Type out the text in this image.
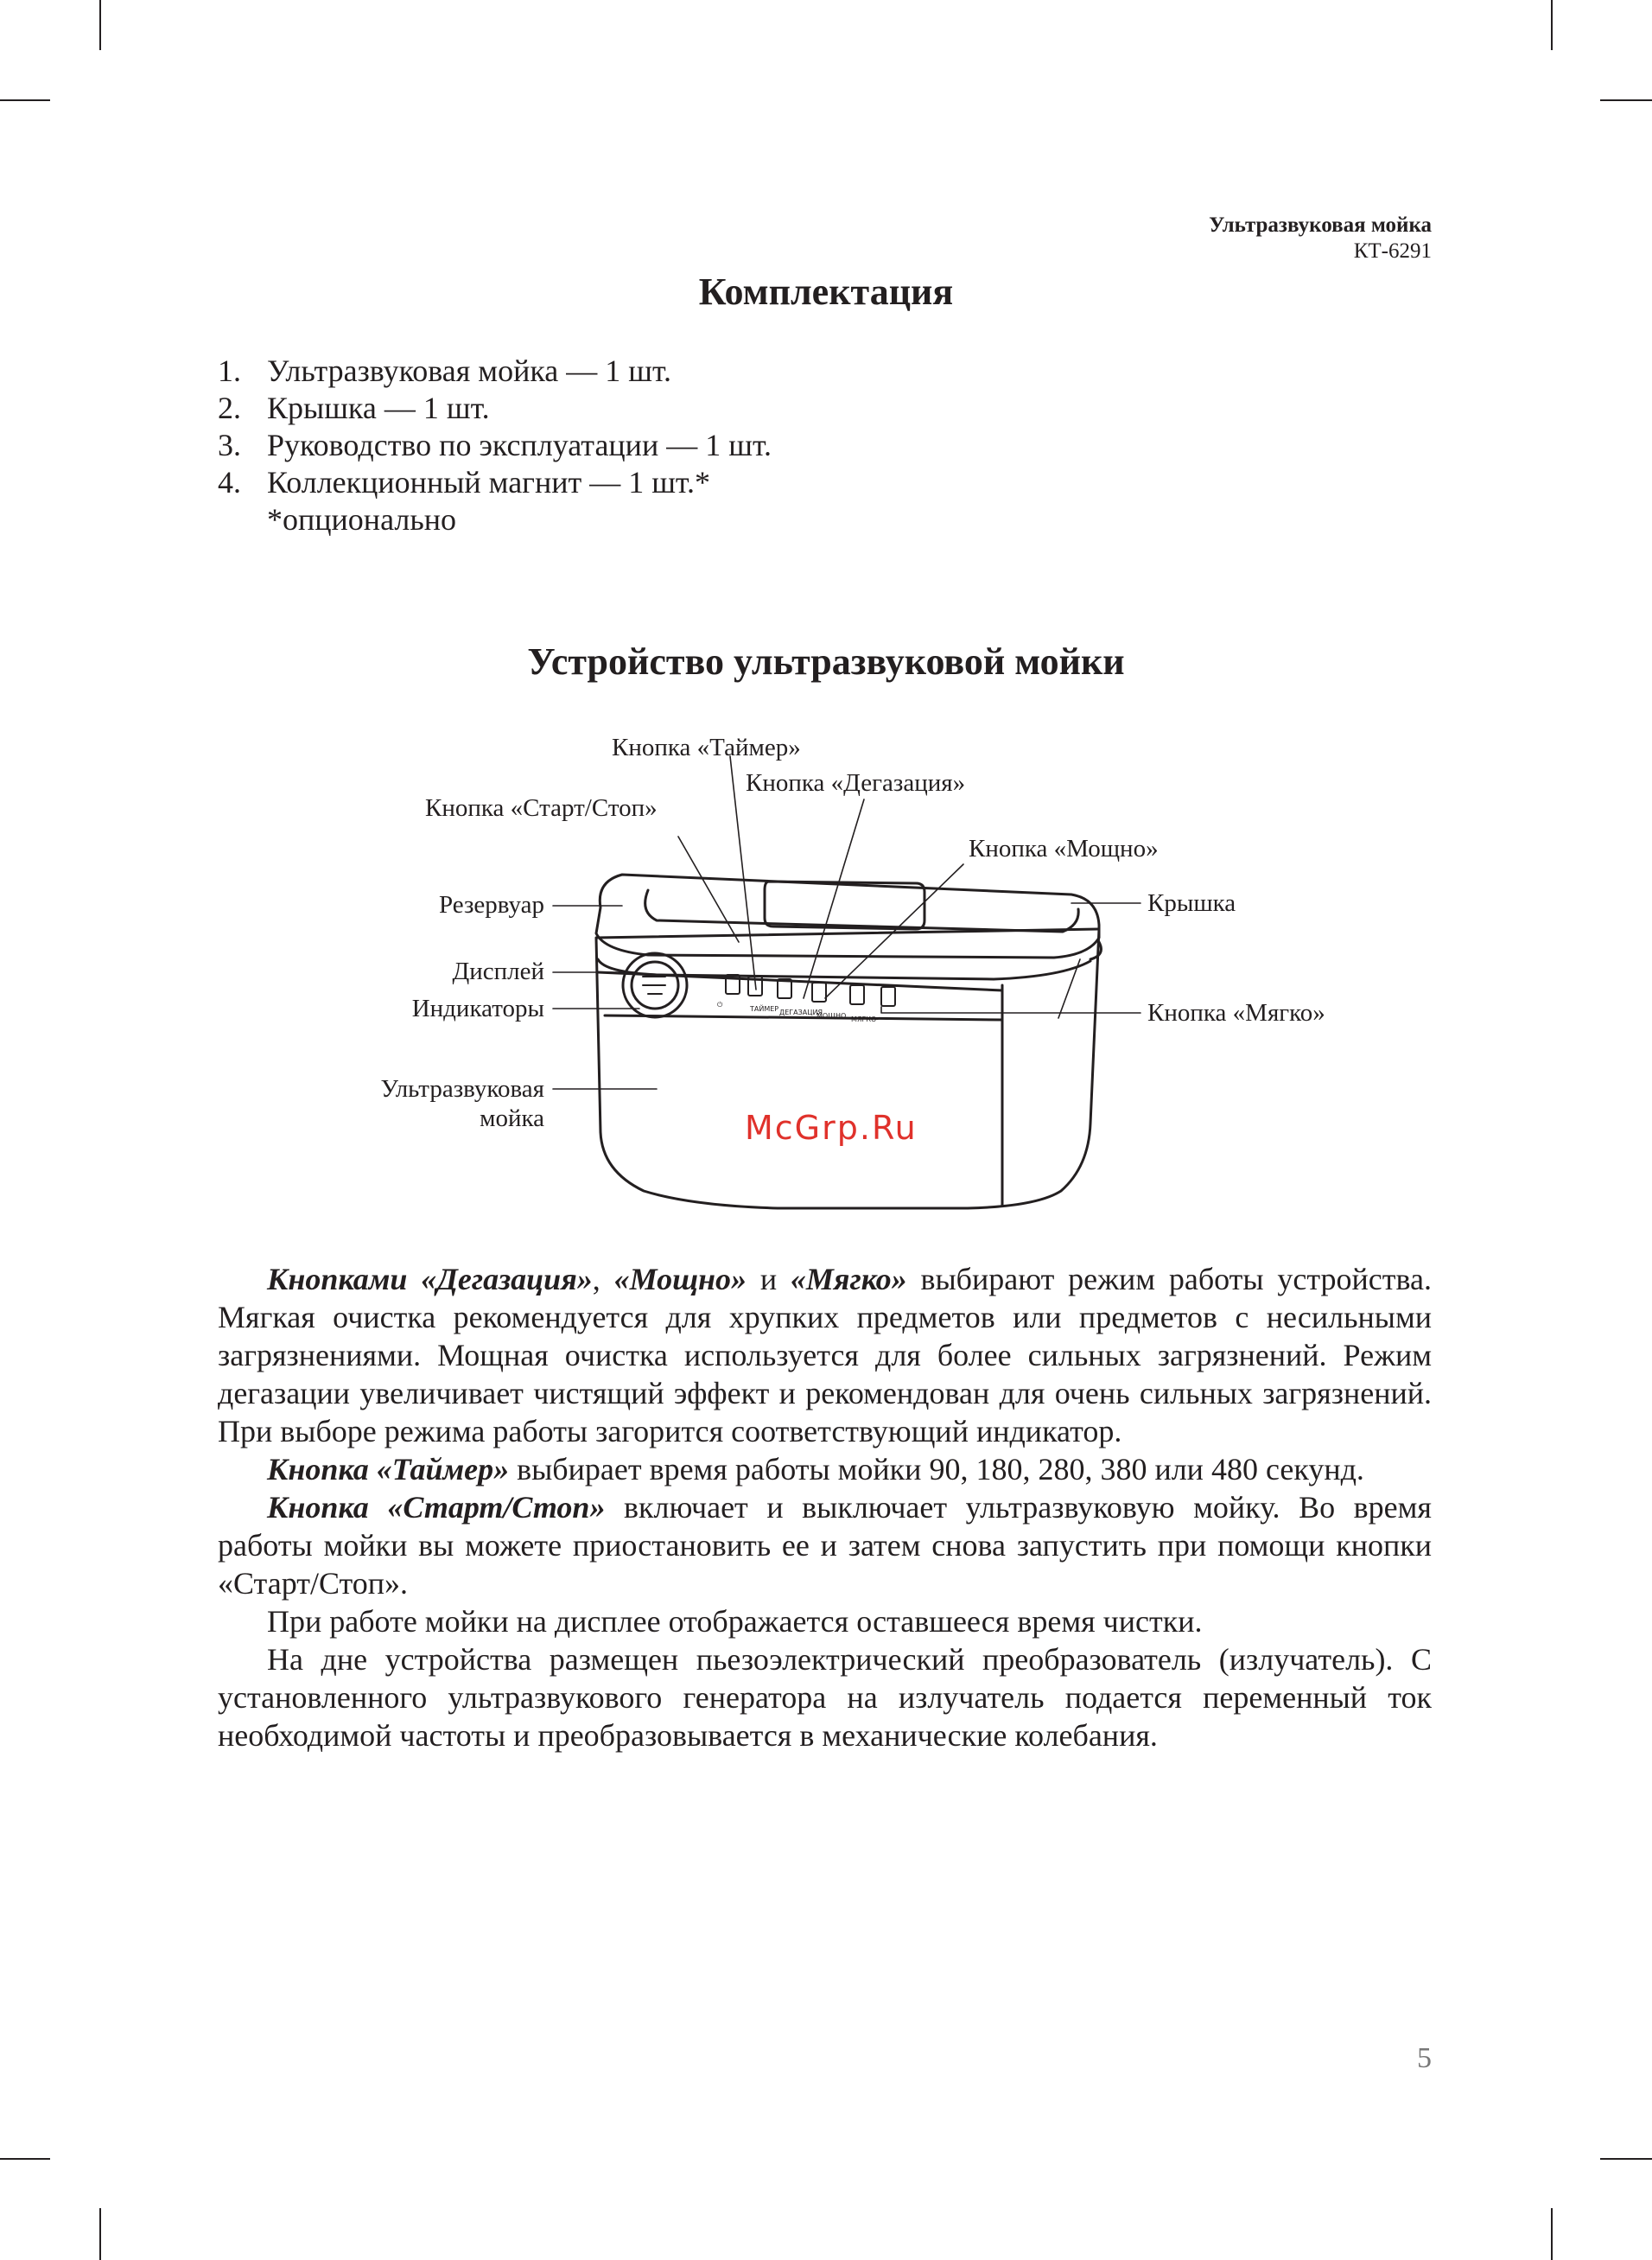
Ультразвуковая мойка
КТ-6291
Комплектация
1. Ультразвуковая мойка — 1 шт.
2. Крышка — 1 шт.
3. Руководство по эксплуатации — 1 шт.
4. Коллекционный магнит — 1 шт.*
*опционально
Устройство ультразвуковой мойки
⏻
ТАЙМЕР ДЕГАЗАЦИЯ
МОЩНО МЯГКО
Кнопка «Таймер»
Кнопка «Дегазация»
Кнопка «Старт/Стоп»
Кнопка «Мощно»
Резервуар	Крышка
Дисплей
Индикаторы	Кнопка «Мягко»
Ультразвуковая
мойка	McGrp.Ru

Кнопками «Дегазация», «Мощно» и «Мягко» выбирают режим работы устройства. Мягкая очистка рекомендуется для хрупких предметов или предметов с несильными загрязнениями. Мощная очистка используется для более сильных загрязнений. Режим дегазации увеличивает чистящий эффект и рекомендован для очень сильных загрязнений. При выборе режима работы загорится соответствующий индикатор.

Кнопка «Таймер» выбирает время работы мойки 90, 180, 280, 380 или 480 секунд.

Кнопка «Старт/Стоп» включает и выключает ультразвуковую мойку. Во время работы мойки вы можете приостановить ее и затем снова запустить при помощи кнопки «Старт/Стоп».

При работе мойки на дисплее отображается оставшееся время чистки.

На дне устройства размещен пьезоэлектрический преобразователь (излучатель). С установленного ультразвукового генератора на излучатель подается переменный ток необходимой частоты и преобразовывается в механические колебания.

5
